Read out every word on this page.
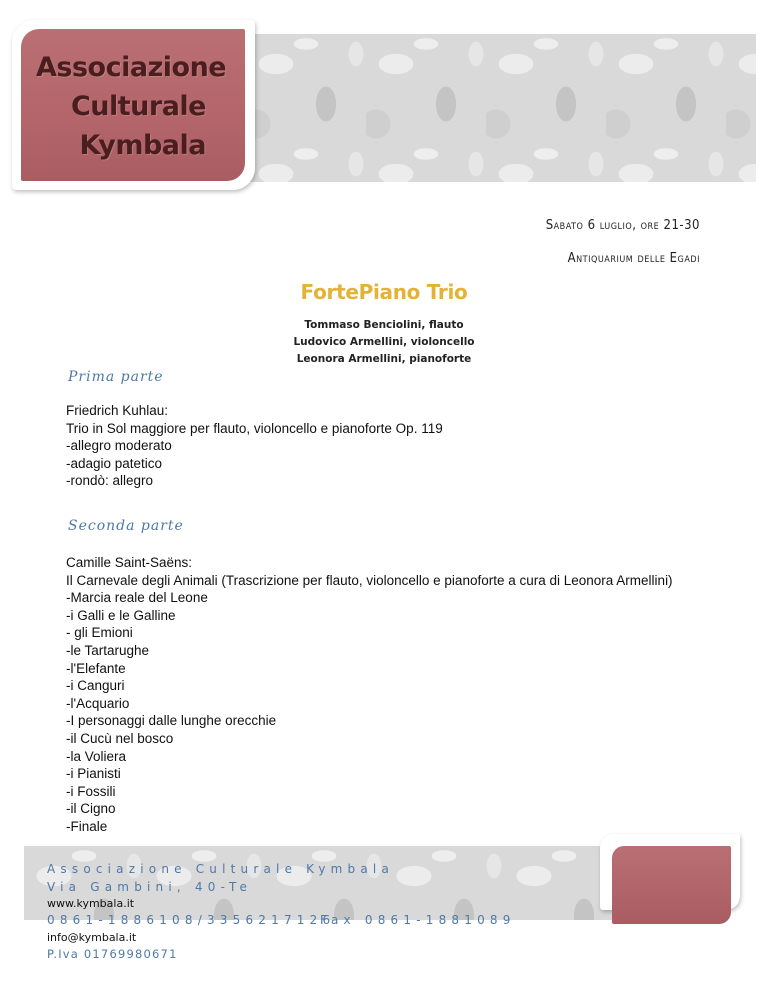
Associazione
Culturale
Kymbala
Sabato 6 luglio, ore 21-30
Antiquarium delle Egadi
FortePiano Trio
Tommaso Benciolini, flauto
Ludovico Armellini, violoncello
Leonora Armellini, pianoforte
Prima parte
Friedrich Kuhlau:
Trio in Sol maggiore per flauto, violoncello e pianoforte Op. 119
-allegro moderato
-adagio patetico
-rondò: allegro
Seconda parte
Camille Saint-Saëns:
Il Carnevale degli Animali (Trascrizione per flauto, violoncello e pianoforte a cura di Leonora Armellini)
-Marcia reale del Leone
-i Galli e le Galline
- gli Emioni
-le Tartarughe
-l'Elefante
-i Canguri
-l'Acquario
-I personaggi dalle lunghe orecchie
-il Cucù nel bosco
-la Voliera
-i Pianisti
-i Fossili
-il Cigno
-Finale
Associazione Culturale Kymbala
Via Gambini, 40-Te
www.kymbala.it
0861-1886108/3356217126
Fax 0861-1881089
info@kymbala.it
P.Iva 01769980671
